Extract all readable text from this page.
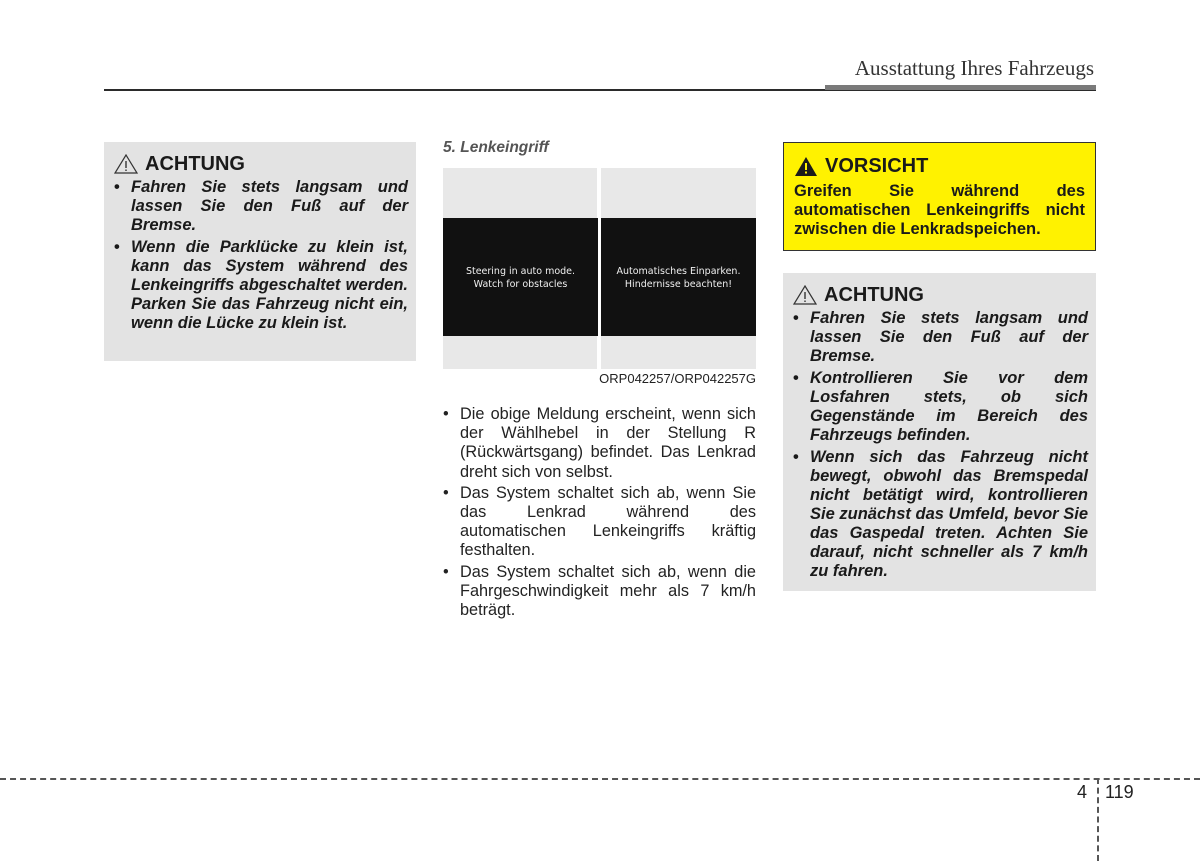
Ausstattung Ihres Fahrzeugs
ACHTUNG
• Fahren Sie stets langsam und lassen Sie den Fuß auf der Bremse.
• Wenn die Parklücke zu klein ist, kann das System während des Lenkeingriffs abgeschaltet werden. Parken Sie das Fahrzeug nicht ein, wenn die Lücke zu klein ist.
5. Lenkeingriff
Steering in auto mode.
Watch for obstacles
Automatisches Einparken.
Hindernisse beachten!
ORP042257/ORP042257G
• Die obige Meldung erscheint, wenn sich der Wählhebel in der Stellung R (Rückwärtsgang) befindet. Das Lenkrad dreht sich von selbst.
• Das System schaltet sich ab, wenn Sie das Lenkrad während des automatischen Lenkeingriffs kräftig festhalten.
• Das System schaltet sich ab, wenn die Fahrgeschwindigkeit mehr als 7 km/h beträgt.
VORSICHT
Greifen Sie während des automatischen Lenkeingriffs nicht zwischen die Lenkradspeichen.
ACHTUNG
• Fahren Sie stets langsam und lassen Sie den Fuß auf der Bremse.
• Kontrollieren Sie vor dem Losfahren stets, ob sich Gegenstände im Bereich des Fahrzeugs befinden.
• Wenn sich das Fahrzeug nicht bewegt, obwohl das Bremspedal nicht betätigt wird, kontrollieren Sie zunächst das Umfeld, bevor Sie das Gaspedal treten. Achten Sie darauf, nicht schneller als 7 km/h zu fahren.
4 119
